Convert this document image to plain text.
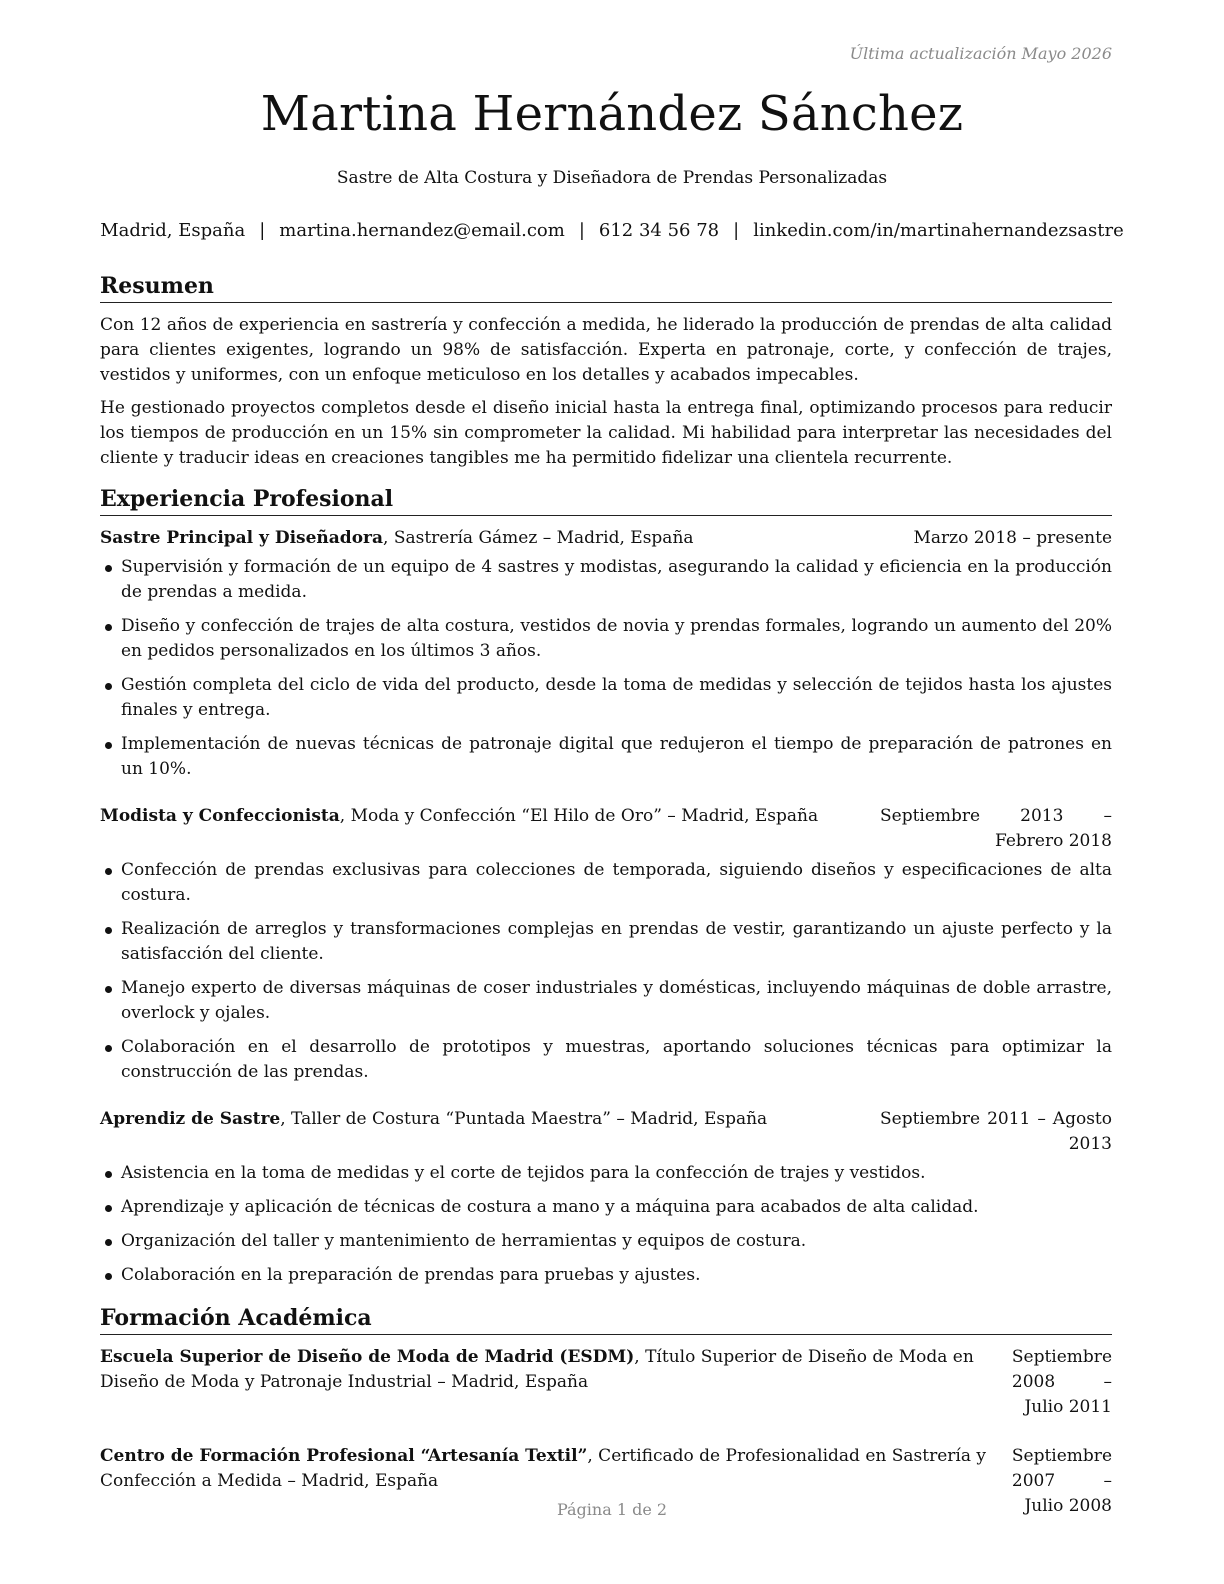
Última actualización Mayo 2026
Martina Hernández Sánchez
Sastre de Alta Costura y Diseñadora de Prendas Personalizadas
Madrid, España | martina.hernandez@email.com | 612 34 56 78 | linkedin.com/in/martinahernandezsastre
Resumen

Con 12 años de experiencia en sastrería y confección a medida, he liderado la producción de prendas de alta calidad para clientes exigentes, logrando un 98% de satisfacción. Experta en patronaje, corte, y confección de trajes, vestidos y uniformes, con un enfoque meticuloso en los detalles y acabados impecables.

He gestionado proyectos completos desde el diseño inicial hasta la entrega final, optimizando procesos para reducir los tiempos de producción en un 15% sin comprometer la calidad. Mi habilidad para interpretar las necesidades del cliente y traducir ideas en creaciones tangibles me ha permitido fidelizar una clientela recurrente.

Experiencia Profesional
Sastre Principal y Diseñadora, Sastrería Gámez – Madrid, España	Marzo 2018 – presente
Supervisión y formación de un equipo de 4 sastres y modistas, asegurando la calidad y eficiencia en la producción de prendas a medida.
Diseño y confección de trajes de alta costura, vestidos de novia y prendas formales, logrando un aumento del 20% en pedidos personalizados en los últimos 3 años.
Gestión completa del ciclo de vida del producto, desde la toma de medidas y selección de tejidos hasta los ajustes finales y entrega.
Implementación de nuevas técnicas de patronaje digital que redujeron el tiempo de preparación de patrones en un 10%.
Modista y Confeccionista, Moda y Confección “El Hilo de Oro” – Madrid, España	Septiembre 2013 – Febrero 2018
Confección de prendas exclusivas para colecciones de temporada, siguiendo diseños y especificaciones de alta costura.
Realización de arreglos y transformaciones complejas en prendas de vestir, garantizando un ajuste perfecto y la satisfacción del cliente.
Manejo experto de diversas máquinas de coser industriales y domésticas, incluyendo máquinas de doble arrastre, overlock y ojales.
Colaboración en el desarrollo de prototipos y muestras, aportando soluciones técnicas para optimizar la construcción de las prendas.
Aprendiz de Sastre, Taller de Costura “Puntada Maestra” – Madrid, España	Septiembre 2011 – Agosto 2013
Asistencia en la toma de medidas y el corte de tejidos para la confección de trajes y vestidos.
Aprendizaje y aplicación de técnicas de costura a mano y a máquina para acabados de alta calidad.
Organización del taller y mantenimiento de herramientas y equipos de costura.
Colaboración en la preparación de prendas para pruebas y ajustes.
Formación Académica
Escuela Superior de Diseño de Moda de Madrid (ESDM), Título Superior de Diseño de Moda en Diseño de Moda y Patronaje Industrial – Madrid, España
Septiembre 2008 – Julio 2011
Centro de Formación Profesional “Artesanía Textil”, Certificado de Profesionalidad en Sastrería y Confección a Medida – Madrid, España
Septiembre 2007 – Julio 2008
Página 1 de 2
